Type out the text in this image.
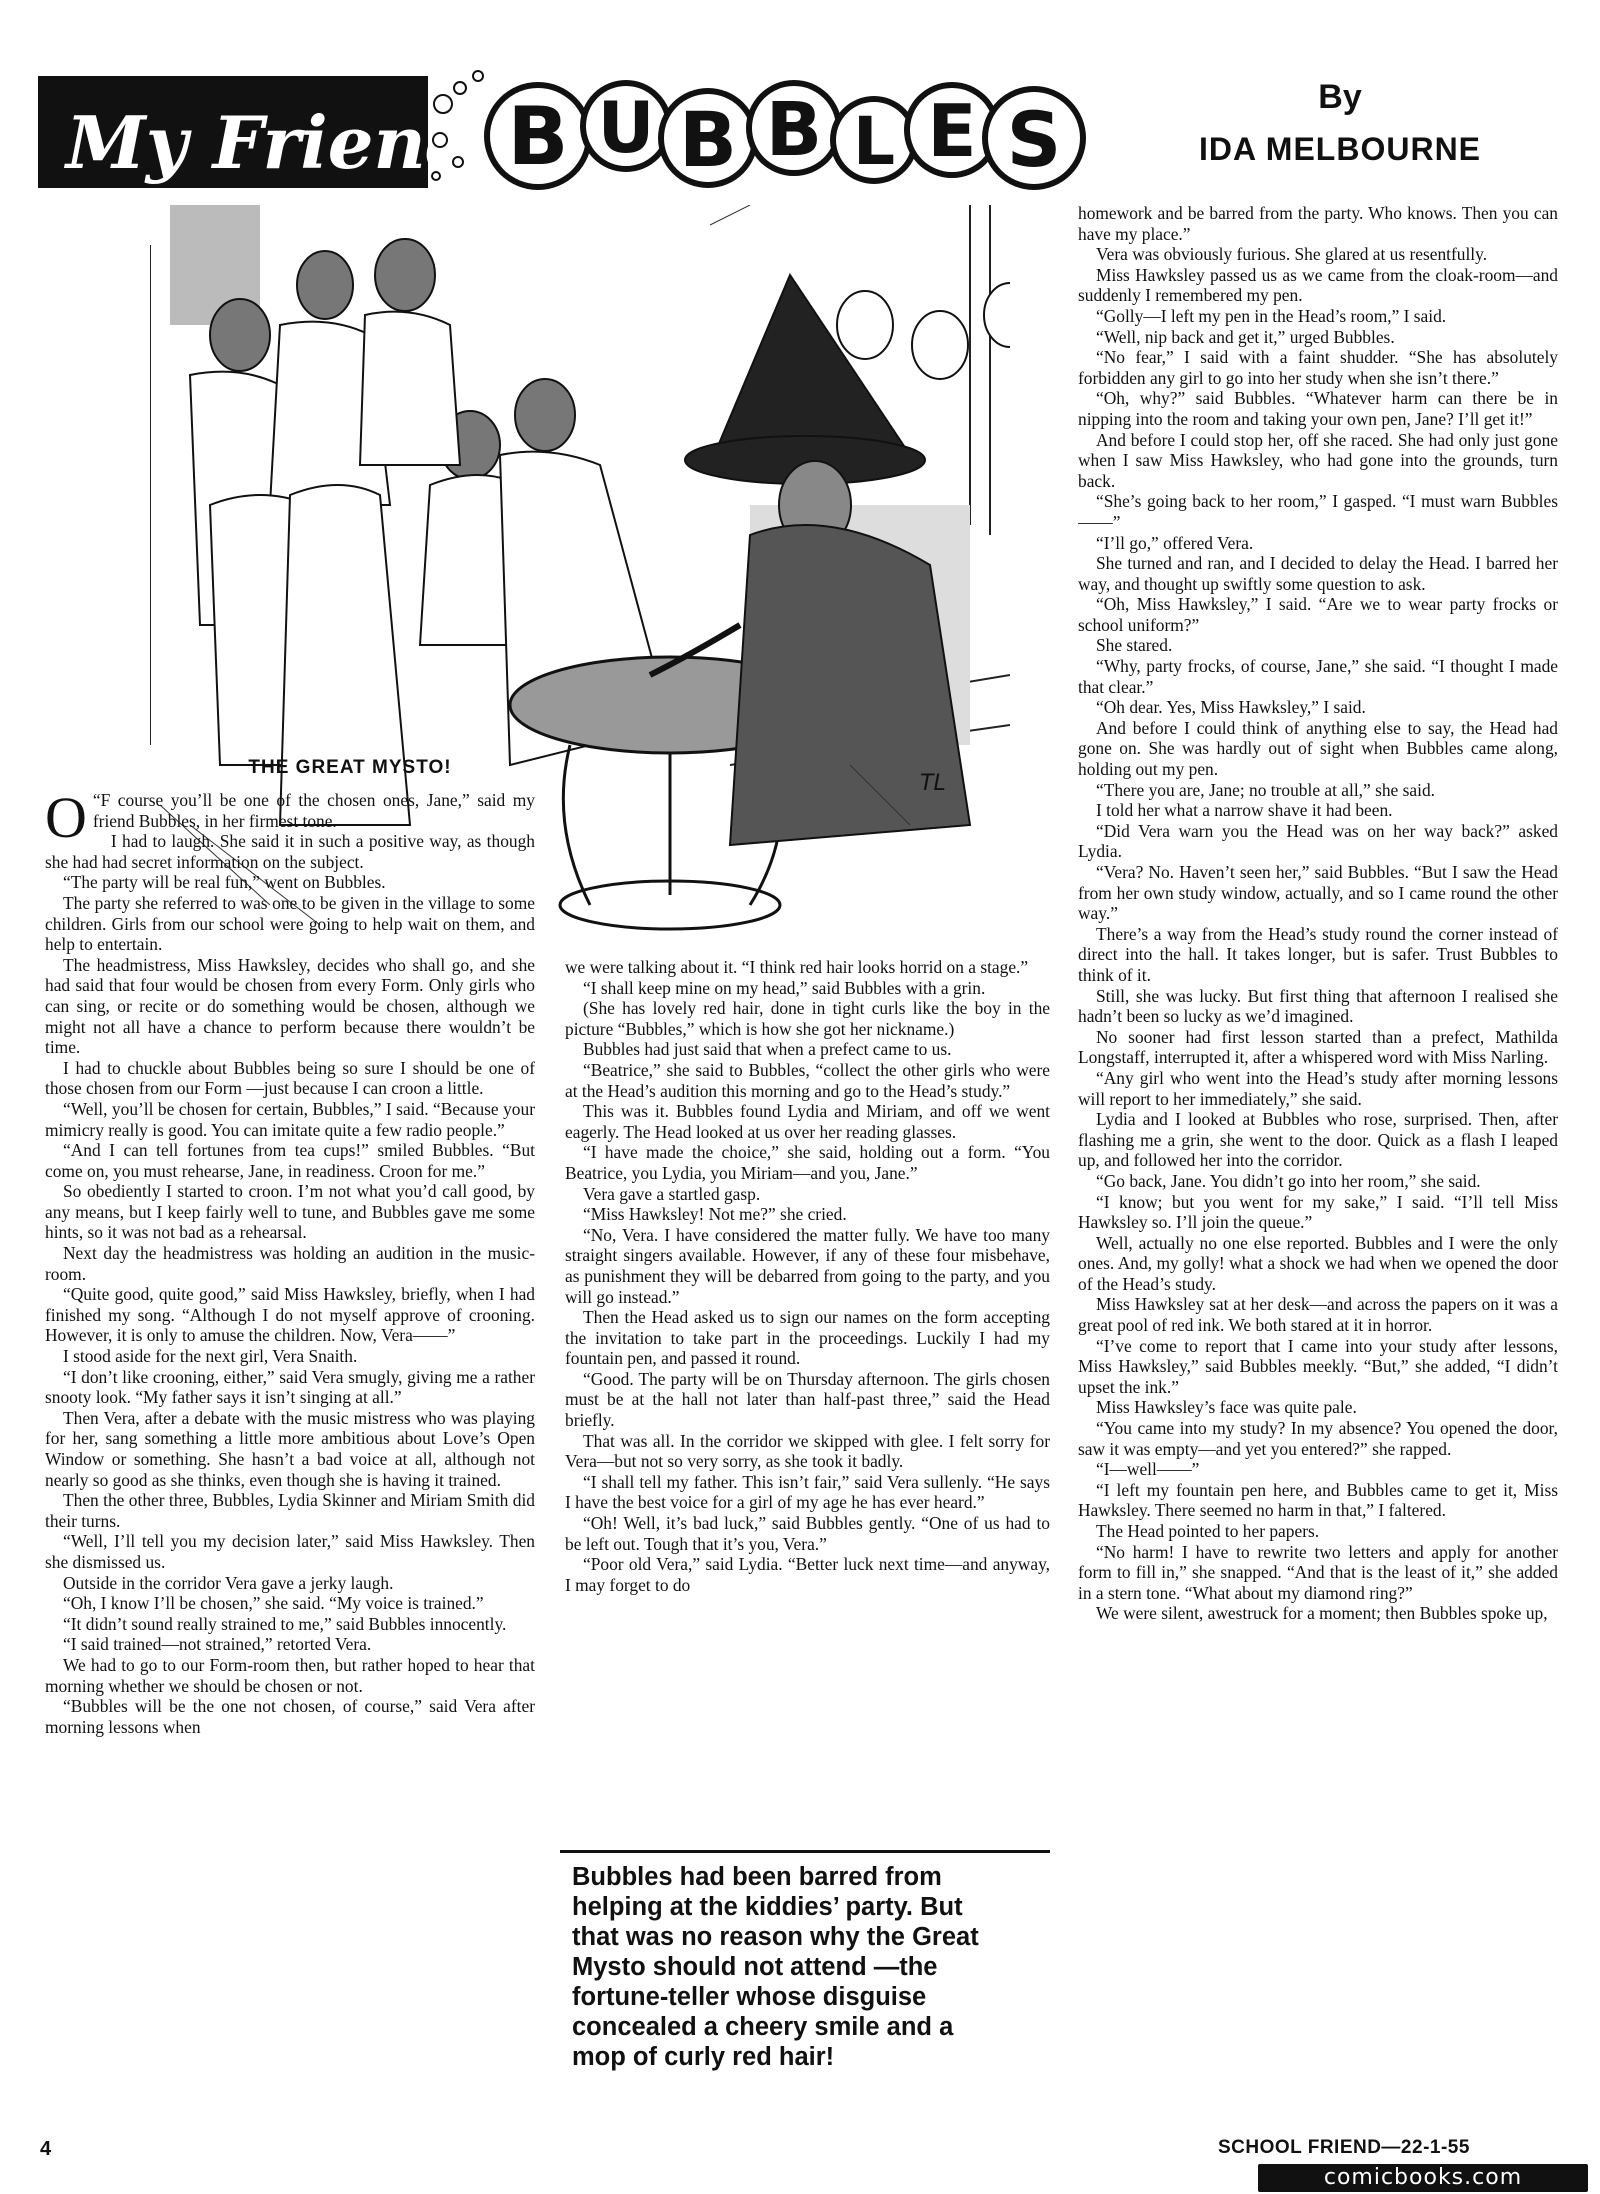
My Friend B U B B L E S	By
IDA MELBOURNE
TL
THE GREAT MYSTO!

O “F course you’ll be one of the chosen ones, Jane,” said my friend Bubbles, in her firmest tone.

I had to laugh. She said it in such a positive way, as though she had had secret information on the subject.

“The party will be real fun,” went on Bubbles.

The party she referred to was one to be given in the village to some children. Girls from our school were going to help wait on them, and help to entertain.

The headmistress, Miss Hawksley, decides who shall go, and she had said that four would be chosen from every Form. Only girls who can sing, or recite or do something would be chosen, although we might not all have a chance to perform because there wouldn’t be time.

I had to chuckle about Bubbles being so sure I should be one of those chosen from our Form —just because I can croon a little.

“Well, you’ll be chosen for certain, Bubbles,” I said. “Because your mimicry really is good. You can imitate quite a few radio people.”

“And I can tell fortunes from tea cups!” smiled Bubbles. “But come on, you must rehearse, Jane, in readiness. Croon for me.”

So obediently I started to croon. I’m not what you’d call good, by any means, but I keep fairly well to tune, and Bubbles gave me some hints, so it was not bad as a rehearsal.

Next day the headmistress was holding an audition in the music-room.

“Quite good, quite good,” said Miss Hawksley, briefly, when I had finished my song. “Although I do not myself approve of crooning. However, it is only to amuse the children. Now, Vera——”

I stood aside for the next girl, Vera Snaith.

“I don’t like crooning, either,” said Vera smugly, giving me a rather snooty look. “My father says it isn’t singing at all.”

Then Vera, after a debate with the music mistress who was playing for her, sang something a little more ambitious about Love’s Open Window or something. She hasn’t a bad voice at all, although not nearly so good as she thinks, even though she is having it trained.

Then the other three, Bubbles, Lydia Skinner and Miriam Smith did their turns.

“Well, I’ll tell you my decision later,” said Miss Hawksley. Then she dismissed us.

Outside in the corridor Vera gave a jerky laugh.

“Oh, I know I’ll be chosen,” she said. “My voice is trained.”

“It didn’t sound really strained to me,” said Bubbles innocently.

“I said trained—not strained,” retorted Vera.

We had to go to our Form-room then, but rather hoped to hear that morning whether we should be chosen or not.

“Bubbles will be the one not chosen, of course,” said Vera after morning lessons when

we were talking about it. “I think red hair looks horrid on a stage.”

“I shall keep mine on my head,” said Bubbles with a grin.

(She has lovely red hair, done in tight curls like the boy in the picture “Bubbles,” which is how she got her nickname.)

Bubbles had just said that when a prefect came to us.

“Beatrice,” she said to Bubbles, “collect the other girls who were at the Head’s audition this morning and go to the Head’s study.”

This was it. Bubbles found Lydia and Miriam, and off we went eagerly. The Head looked at us over her reading glasses.

“I have made the choice,” she said, holding out a form. “You Beatrice, you Lydia, you Miriam—and you, Jane.”

Vera gave a startled gasp.

“Miss Hawksley! Not me?” she cried.

“No, Vera. I have considered the matter fully. We have too many straight singers available. However, if any of these four misbehave, as punishment they will be debarred from going to the party, and you will go instead.”

Then the Head asked us to sign our names on the form accepting the invitation to take part in the proceedings. Luckily I had my fountain pen, and passed it round.

“Good. The party will be on Thursday afternoon. The girls chosen must be at the hall not later than half-past three,” said the Head briefly.

That was all. In the corridor we skipped with glee. I felt sorry for Vera—but not so very sorry, as she took it badly.

“I shall tell my father. This isn’t fair,” said Vera sullenly. “He says I have the best voice for a girl of my age he has ever heard.”

“Oh! Well, it’s bad luck,” said Bubbles gently. “One of us had to be left out. Tough that it’s you, Vera.”

“Poor old Vera,” said Lydia. “Better luck next time—and anyway, I may forget to do

Bubbles had been barred from helping at the kiddies’ party. But that was no reason why the Great Mysto should not attend —the fortune-teller whose disguise concealed a cheery smile and a mop of curly red hair!

homework and be barred from the party. Who knows. Then you can have my place.”

Vera was obviously furious. She glared at us resentfully.

Miss Hawksley passed us as we came from the cloak-room—and suddenly I remembered my pen.

“Golly—I left my pen in the Head’s room,” I said.

“Well, nip back and get it,” urged Bubbles.

“No fear,” I said with a faint shudder. “She has absolutely forbidden any girl to go into her study when she isn’t there.”

“Oh, why?” said Bubbles. “Whatever harm can there be in nipping into the room and taking your own pen, Jane? I’ll get it!”

And before I could stop her, off she raced. She had only just gone when I saw Miss Hawksley, who had gone into the grounds, turn back.

“She’s going back to her room,” I gasped. “I must warn Bubbles——”

“I’ll go,” offered Vera.

She turned and ran, and I decided to delay the Head. I barred her way, and thought up swiftly some question to ask.

“Oh, Miss Hawksley,” I said. “Are we to wear party frocks or school uniform?”

She stared.

“Why, party frocks, of course, Jane,” she said. “I thought I made that clear.”

“Oh dear. Yes, Miss Hawksley,” I said.

And before I could think of anything else to say, the Head had gone on. She was hardly out of sight when Bubbles came along, holding out my pen.

“There you are, Jane; no trouble at all,” she said.

I told her what a narrow shave it had been.

“Did Vera warn you the Head was on her way back?” asked Lydia.

“Vera? No. Haven’t seen her,” said Bubbles. “But I saw the Head from her own study window, actually, and so I came round the other way.”

There’s a way from the Head’s study round the corner instead of direct into the hall. It takes longer, but is safer. Trust Bubbles to think of it.

Still, she was lucky. But first thing that afternoon I realised she hadn’t been so lucky as we’d imagined.

No sooner had first lesson started than a prefect, Mathilda Longstaff, interrupted it, after a whispered word with Miss Narling.

“Any girl who went into the Head’s study after morning lessons will report to her immediately,” she said.

Lydia and I looked at Bubbles who rose, surprised. Then, after flashing me a grin, she went to the door. Quick as a flash I leaped up, and followed her into the corridor.

“Go back, Jane. You didn’t go into her room,” she said.

“I know; but you went for my sake,” I said. “I’ll tell Miss Hawksley so. I’ll join the queue.”

Well, actually no one else reported. Bubbles and I were the only ones. And, my golly! what a shock we had when we opened the door of the Head’s study.

Miss Hawksley sat at her desk—and across the papers on it was a great pool of red ink. We both stared at it in horror.

“I’ve come to report that I came into your study after lessons, Miss Hawksley,” said Bubbles meekly. “But,” she added, “I didn’t upset the ink.”

Miss Hawksley’s face was quite pale.

“You came into my study? In my absence? You opened the door, saw it was empty—and yet you entered?” she rapped.

“I—well——”

“I left my fountain pen here, and Bubbles came to get it, Miss Hawksley. There seemed no harm in that,” I faltered.

The Head pointed to her papers.

“No harm! I have to rewrite two letters and apply for another form to fill in,” she snapped. “And that is the least of it,” she added in a stern tone. “What about my diamond ring?”

We were silent, awestruck for a moment; then Bubbles spoke up,

4	SCHOOL FRIEND—22-1-55
comicbooks.com
